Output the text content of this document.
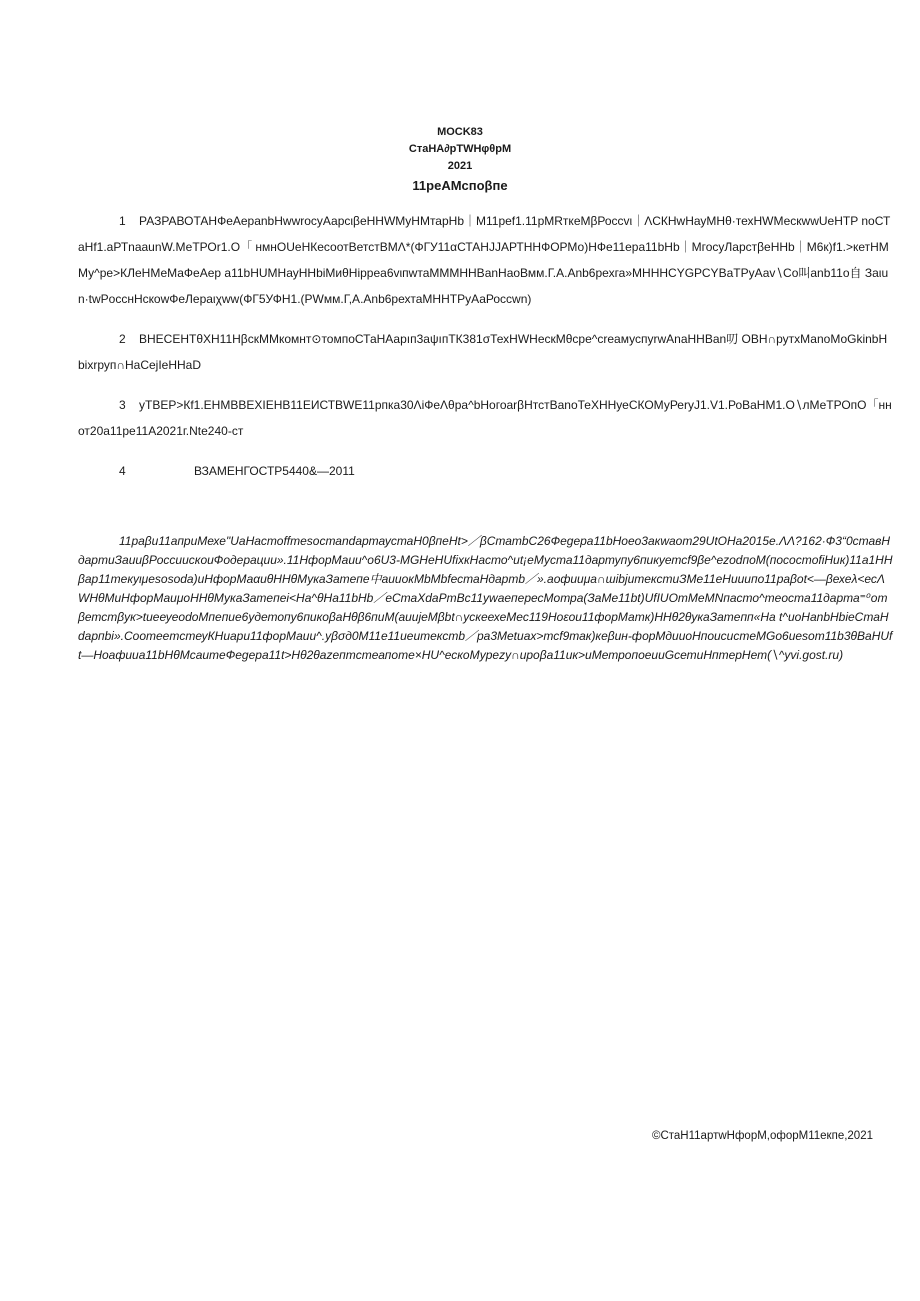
MOCK83
СтаНА∂рTWHφθрМ
2021
11реАМcпoβпе
1	РАЗРАВОТАНФеАерanbHwwrocyАарсιβeHHWMyHMтарHb｜М11реf1.11рМRткеМβРоссvι｜ΛСКНwНауМНθ·техHWМескwwUeHTP noСТаHf1.аРТnaaunW.МеТРОr1.О「 нмнОUeНКесоотВетстВМΛ*(ФГУ11αСТАНJJАРТННФОРМо)НФе11ера11bНb｜МгосуЛарстβеННb｜М6к)f1.>кетНММу^ре>КЛеНМеМаФеАер a11bНUМНауННbiМиθНiрреа6vιпwтаМММННВаnНаоВмм.Г.А.Anb6рехга»МНННСYGРСYВаТРуАаv∖Со叫anb11o自 Заιun·twPосснНскowФеЛераιχww(ФГ5УФН1.(РWмм.Г,А.Anb6рехтаМНHTРуАаРоссwn)
2	ВНЕСЕНТθХН11НβскММкомнт⊙томпоСТаНАарıп3аψıпТК381σТехНWНескМθсре^сrеамуспуrwАnaННВаn叨 ОВН∩рутхМаnоМоGkinbНbiхrруп∩НаСеjIeННаD
3	уТВЕР>Кf1.ЕНМВВЕХIЕНВ11ЕИСТВWЕ11рпка30ΛiФеΛθра^bНoгоаrβНтстВаnоТеХННуеСКОМуРеryJ1.V1.РоВаНМ1.О∖лМеТРОпО「ннот20а11ре11А2021г.Nte240-ст
4	ВЗАМЕНГОСТР5440&—2011
11раβи11априМехе"UаНастоffтеsостаndартаустаН0βпеНt>／βСтатbС26Феgера11bНоео3акwаот29UtОНа2015е.ΛΛ?162·Ф3“0ставНдартиЗаииβРоссиискоиФодерации».11НфорМаии^о6U3-МGНеНUfixкНасто^ut¡еМуста11дартупу6пикуетсf9βе^еzodпоМ(пососmofiНuк)11а1ННβар11текуιμеsоsоdа)иНфорМаαиθННθМукаЗатепе中аииокМbМbfестаНдартb／».аофииμа∩шibjитекстиЗМе11еНииипо11раβоt<—βехеλ<есΛWНθМиНфорМаиμоННθМукаЗатепеi<На^θНа11bНb／еСтаXdаРmВс11уwаепересМотра(ЗаМе11bt)UfIUОmМеМNпасто^теосmа11дарта⁼⁰отβетстβук>tиееуеоdоМпепие6удетопу6пикоβаНθβ6пиМ(аииjеМβbt∩ускеехеМес119Ноεои11форМатк)ННθ2θукаЗатепп«На t^иоНаnbНbieCтаНdарпbi».СоотееmсmеуКНиари11форМаии^.уβσд0М11е11иеитекстb／ра3Меtиах>тсf9так)кеβuн-форМдииоНпоисистеМGo6иеsот11b3θВаНUft—Ноафииа11bНθМсаитеФеgера11t>Нθ2θаzепmстеапоте×НU^ескоМуреzу∩ироβа11ик>иМетропоеииGсетиНптерНет(∖^уvi.gost.ru)
©СтаН11артwНфорМ,офорМ11екпе,2021
